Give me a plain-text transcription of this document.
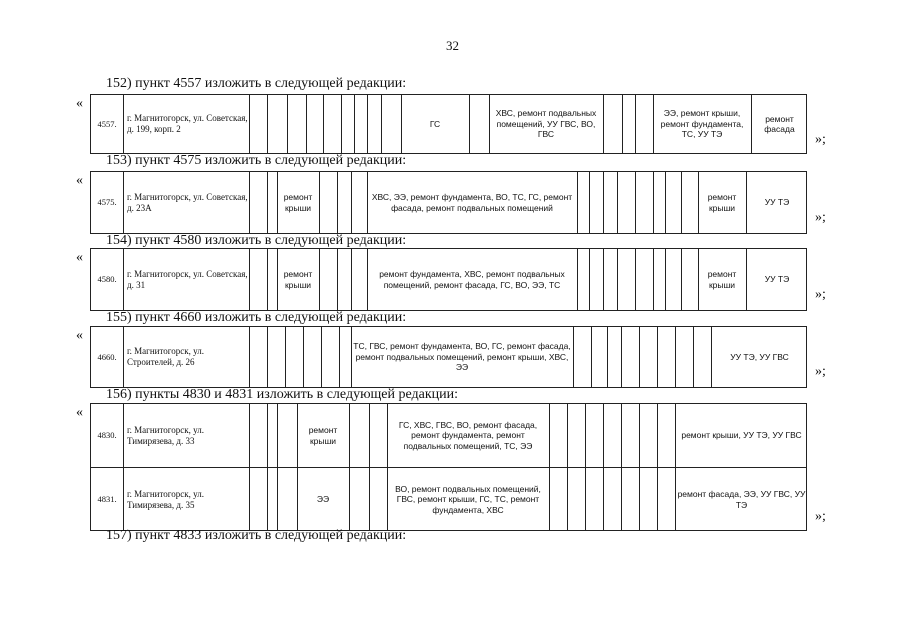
32
152) пункт 4557 изложить в следующей редакции:
«
4557.
г. Магнитогорск, ул. Советская, д. 199, корп. 2
ГС
ХВС, ремонт подвальных помещений, УУ ГВС, ВО, ГВС
ЭЭ, ремонт крыши, ремонт фундамента, ТС, УУ ТЭ
ремонт фасада
»;
153) пункт 4575 изложить в следующей редакции:
«
4575.
г. Магнитогорск, ул. Советская, д. 23А
ремонт крыши
ХВС, ЭЭ, ремонт фундамента, ВО, ТС, ГС, ремонт фасада, ремонт подвальных помещений
ремонт крыши
УУ ТЭ
»;
154) пункт 4580 изложить в следующей редакции:
«
4580.
г. Магнитогорск, ул. Советская, д. 31
ремонт крыши
ремонт фундамента, ХВС, ремонт подвальных помещений, ремонт фасада, ГС, ВО, ЭЭ, ТС
ремонт крыши
УУ ТЭ
»;
155) пункт 4660 изложить в следующей редакции:
«
4660.
г. Магнитогорск, ул. Строителей, д. 26
ТС, ГВС, ремонт фундамента, ВО, ГС, ремонт фасада, ремонт подвальных помещений, ремонт крыши, ХВС, ЭЭ
УУ ТЭ, УУ ГВС
»;
156) пункты 4830 и 4831 изложить в следующей редакции:
«
4830.
г. Магнитогорск, ул. Тимирязева, д. 33
ремонт крыши
ГС, ХВС, ГВС, ВО, ремонт фасада, ремонт фундамента, ремонт подвальных помещений, ТС, ЭЭ
ремонт крыши, УУ ТЭ, УУ ГВС
4831.
г. Магнитогорск, ул. Тимирязева, д. 35
ЭЭ
ВО, ремонт подвальных помещений, ГВС, ремонт крыши, ГС, ТС, ремонт фундамента, ХВС
ремонт фасада, ЭЭ, УУ ГВС, УУ ТЭ
»;
157) пункт 4833 изложить в следующей редакции:
